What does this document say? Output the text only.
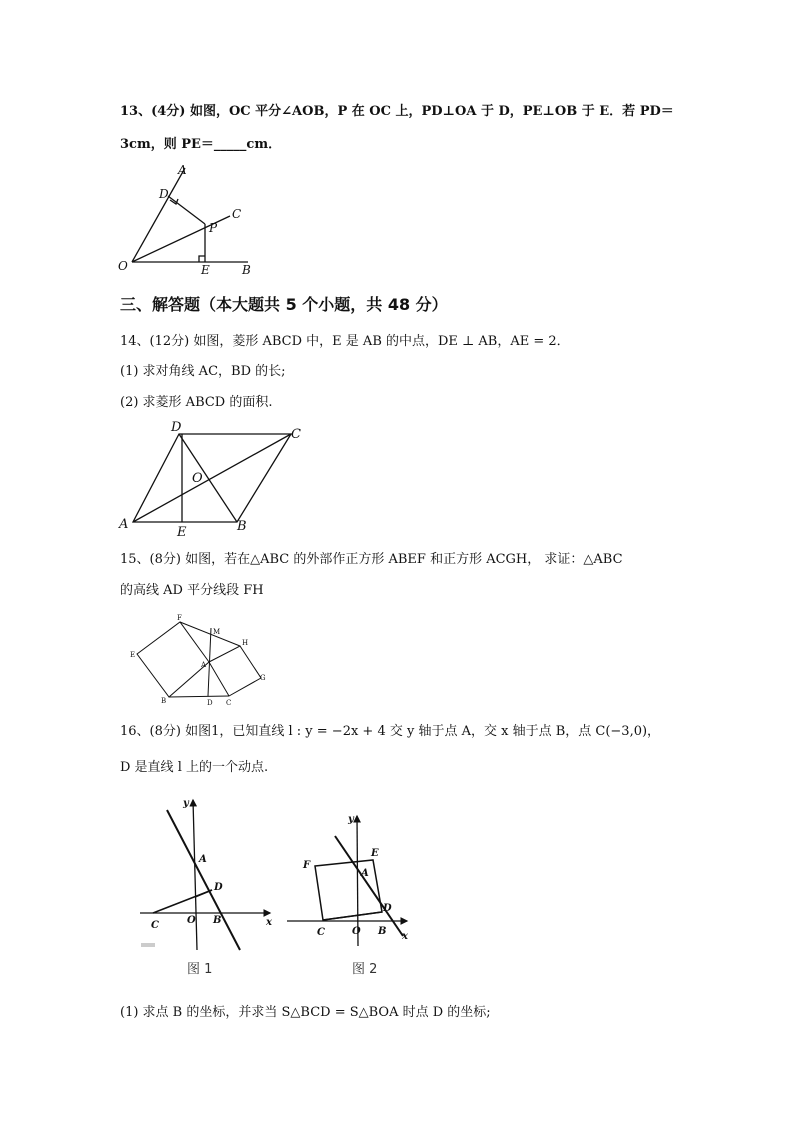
13、(4分) 如图，OC 平分∠AOB，P 在 OC 上，PD⊥OA 于 D，PE⊥OB 于 E．若 PD＝
3cm，则 PE＝_____cm．
A
D
C
P
O	E	B
三、解答题（本大题共 5 个小题，共 48 分）
14、(12分) 如图，菱形 ABCD 中，E 是 AB 的中点，DE ⊥ AB，AE = 2．
(1) 求对角线 AC，BD 的长;
(2) 求菱形 ABCD 的面积.
D	C
O
A
E	B
15、(8分) 如图，若在△ABC 的外部作正方形 ABEF 和正方形 ACGH， 求证：△ABC
的高线 AD 平分线段 FH
F
M
H
E
A
G
B	D C
16、(8分) 如图1，已知直线 l : y = −2x + 4 交 y 轴于点 A，交 x 轴于点 B，点 C(−3,0)，
D 是直线 l 上的一个动点.
y
A
D
C	O B	x
图 1
y
E
F
A
D
C	O B x
图 2
(1) 求点 B 的坐标，并求当 S△BCD = S△BOA 时点 D 的坐标;
